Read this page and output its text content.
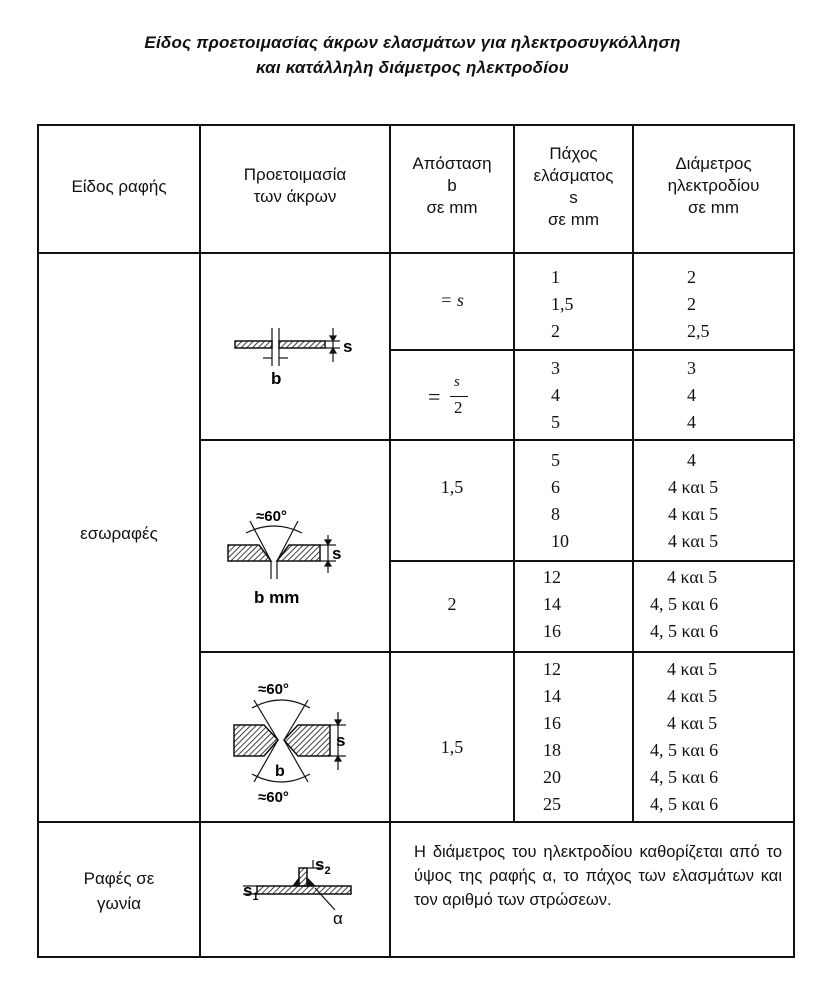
Είδος προετοιμασίας άκρων ελασμάτων για ηλεκτροσυγκόλληση
και κατάλληλη διάμετρος ηλεκτροδίου
Είδος ραφής
Προετοιμασία
των άκρων
Απόσταση
b
σε mm
Πάχος
ελάσματος
s
σε mm
Διάμετρος
ηλεκτροδίου
σε mm
εσωραφές
Ραφές σε
γωνία
= s
=
s
2
1
1,5
2
2
2
2,5
3
4
5
3
4
4
1,5
2
5
6
8
10
4
4 και 5
4 και 5
4 και 5
12
14
16
4 και 5
4, 5 και 6
4, 5 και 6
1,5
12
14
16
18
20
25
4 και 5
4 και 5
4 και 5
4, 5 και 6
4, 5 και 6
4, 5 και 6
Η διάμετρος του ηλεκτροδίου καθορίζεται από το ύψος της ραφής α, το πάχος των ελασμάτων και τον αριθμό των στρώσεων.
s
b
≈60°
s
b mm
≈60°
s
b
≈60°
$s_1$
$s_2$
α
